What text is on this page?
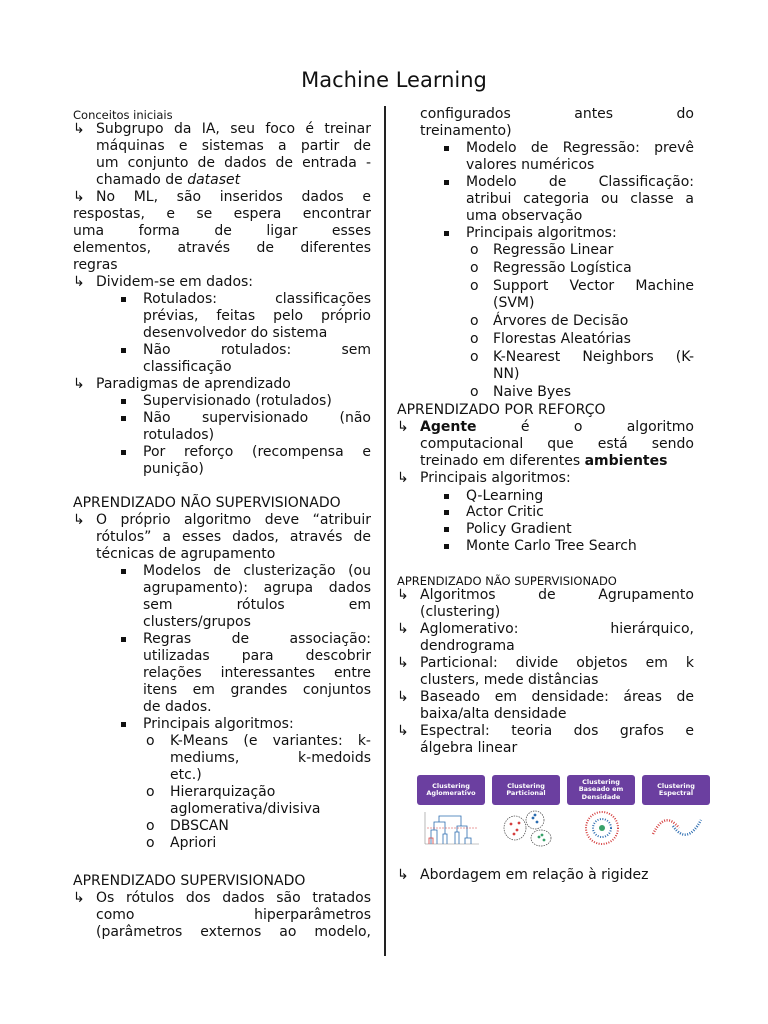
Machine Learning
Conceitos iniciais
↳ Subgrupo da IA, seu foco é treinar
máquinas e sistemas a partir de
um conjunto de dados de entrada -
chamado de dataset
↳ No ML, são inseridos dados e
respostas, e se espera encontrar
uma forma de ligar esses
elementos, através de diferentes
regras
↳ Dividem-se em dados:
Rotulados: classificações
prévias, feitas pelo próprio
desenvolvedor do sistema
Não rotulados: sem
classificação
↳ Paradigmas de aprendizado
Supervisionado (rotulados)
Não supervisionado (não
rotulados)
Por reforço (recompensa e
punição)
APRENDIZADO NÃO SUPERVISIONADO
↳ O próprio algoritmo deve “atribuir
rótulos” a esses dados, através de
técnicas de agrupamento
Modelos de clusterização (ou
agrupamento): agrupa dados
sem rótulos em
clusters/grupos
Regras de associação:
utilizadas para descobrir
relações interessantes entre
itens em grandes conjuntos
de dados.
Principais algoritmos:
o K-Means (e variantes: k-
mediums, k-medoids
etc.)
o Hierarquização
aglomerativa/divisiva
o DBSCAN
o Apriori
APRENDIZADO SUPERVISIONADO
↳ Os rótulos dos dados são tratados
como hiperparâmetros
(parâmetros externos ao modelo,
configurados antes do
treinamento)
Modelo de Regressão: prevê
valores numéricos
Modelo de Classificação:
atribui categoria ou classe a
uma observação
Principais algoritmos:
o Regressão Linear
o Regressão Logística
o Support Vector Machine
(SVM)
o Árvores de Decisão
o Florestas Aleatórias
o K-Nearest Neighbors (K-
NN)
o Naive Byes
APRENDIZADO POR REFORÇO
↳ Agente é o algoritmo
computacional que está sendo
treinado em diferentes ambientes
↳ Principais algoritmos:
Q-Learning
Actor Critic
Policy Gradient
Monte Carlo Tree Search
APRENDIZADO NÃO SUPERVISIONADO
↳ Algoritmos de Agrupamento
(clustering)
↳ Aglomerativo: hierárquico,
dendrograma
↳ Particional: divide objetos em k
clusters, mede distâncias
↳ Baseado em densidade: áreas de
baixa/alta densidade
↳ Espectral: teoria dos grafos e
álgebra linear
↳ Abordagem em relação à rigidez
Clustering Aglomerativo
Clustering Particional
Clustering Baseado em Densidade
Clustering Espectral
